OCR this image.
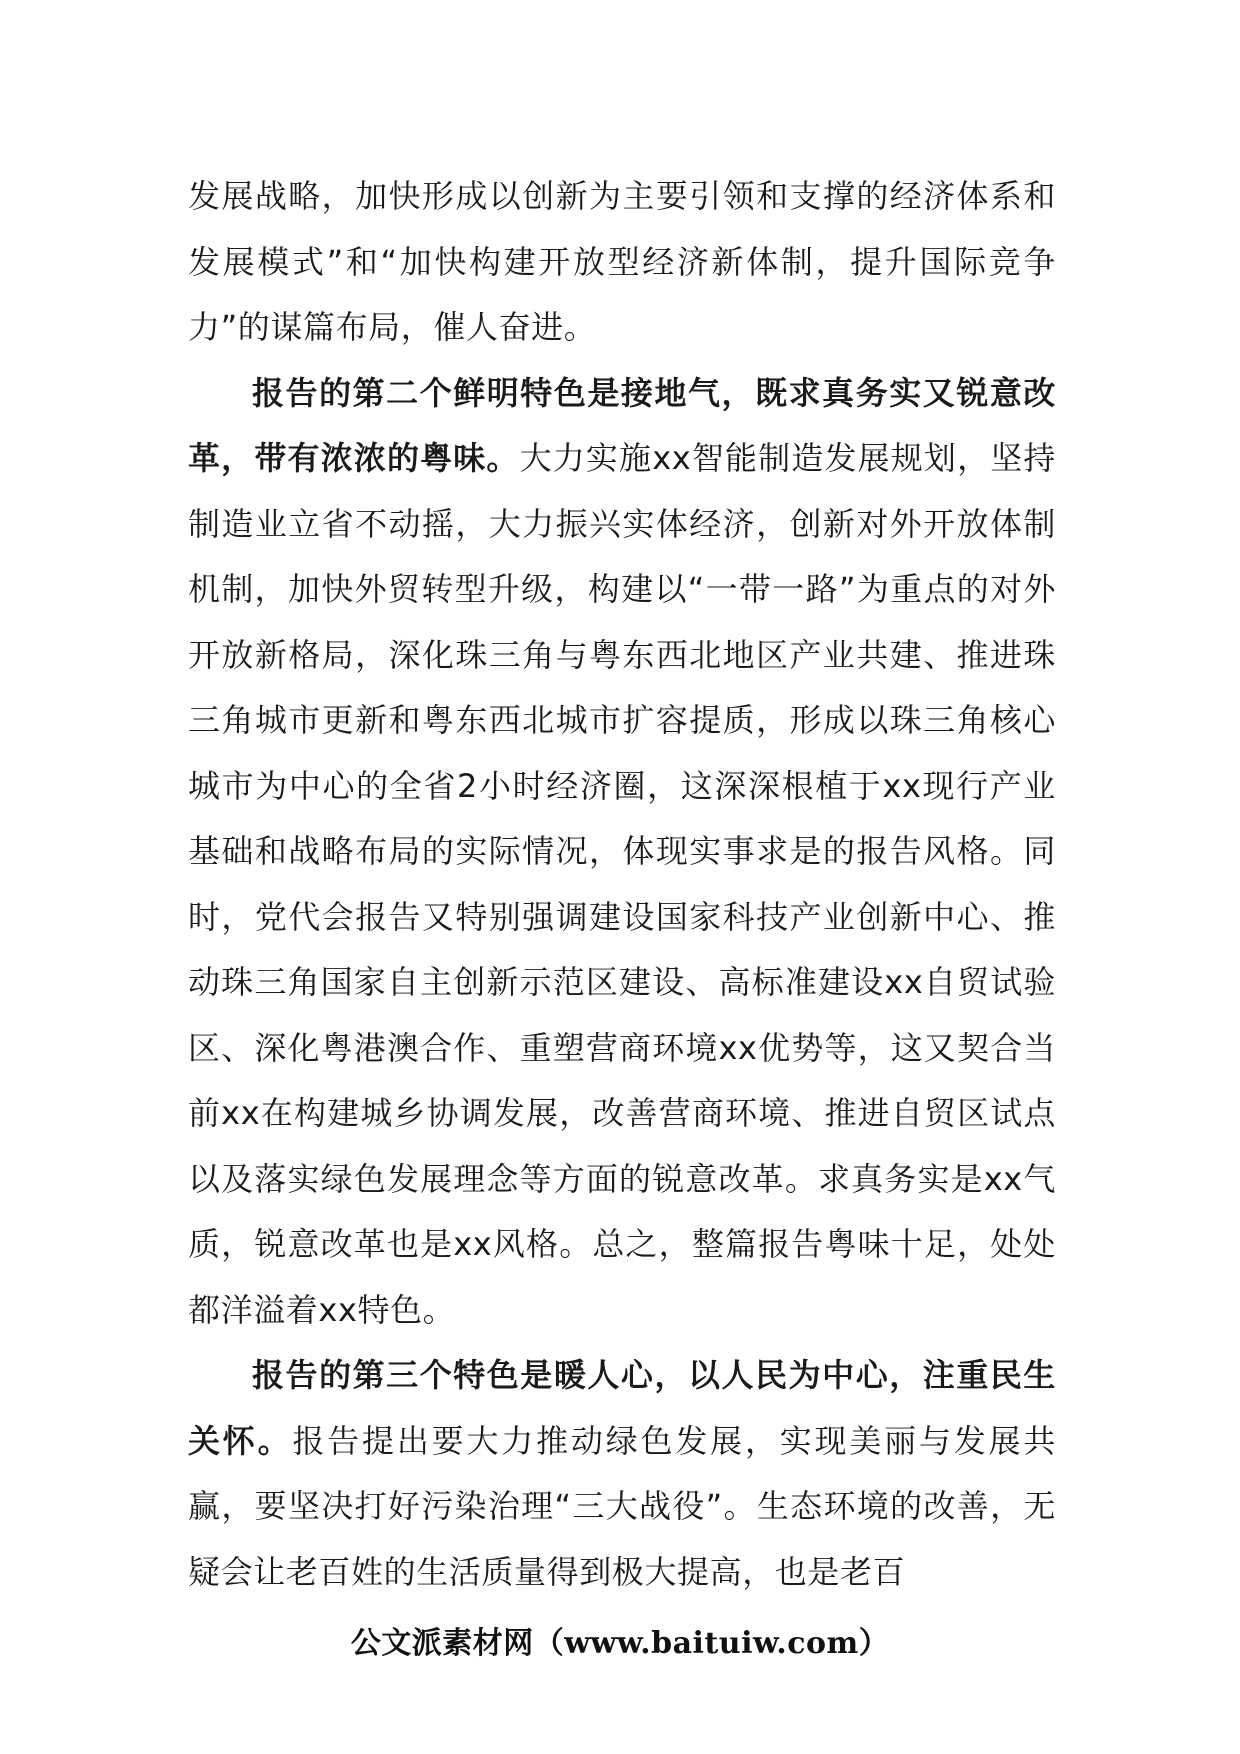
发展战略，加快形成以创新为主要引领和支撑的经济体系和发展模式”和“加快构建开放型经济新体制，提升国际竞争力”的谋篇布局，催人奋进。

报告的第二个鲜明特色是接地气，既求真务实又锐意改革，带有浓浓的粤味。大力实施xx智能制造发展规划，坚持制造业立省不动摇，大力振兴实体经济，创新对外开放体制机制，加快外贸转型升级，构建以“一带一路”为重点的对外开放新格局，深化珠三角与粤东西北地区产业共建、推进珠三角城市更新和粤东西北城市扩容提质，形成以珠三角核心城市为中心的全省2小时经济圈，这深深根植于xx现行产业基础和战略布局的实际情况，体现实事求是的报告风格。同时，党代会报告又特别强调建设国家科技产业创新中心、推动珠三角国家自主创新示范区建设、高标准建设xx自贸试验区、深化粤港澳合作、重塑营商环境xx优势等，这又契合当前xx在构建城乡协调发展，改善营商环境、推进自贸区试点以及落实绿色发展理念等方面的锐意改革。求真务实是xx气质，锐意改革也是xx风格。总之，整篇报告粤味十足，处处都洋溢着xx特色。

报告的第三个特色是暖人心，以人民为中心，注重民生关怀。报告提出要大力推动绿色发展，实现美丽与发展共赢，要坚决打好污染治理“三大战役”。生态环境的改善，无疑会让老百姓的生活质量得到极大提高，也是老百

公文派素材网（www.baituiw.com）
